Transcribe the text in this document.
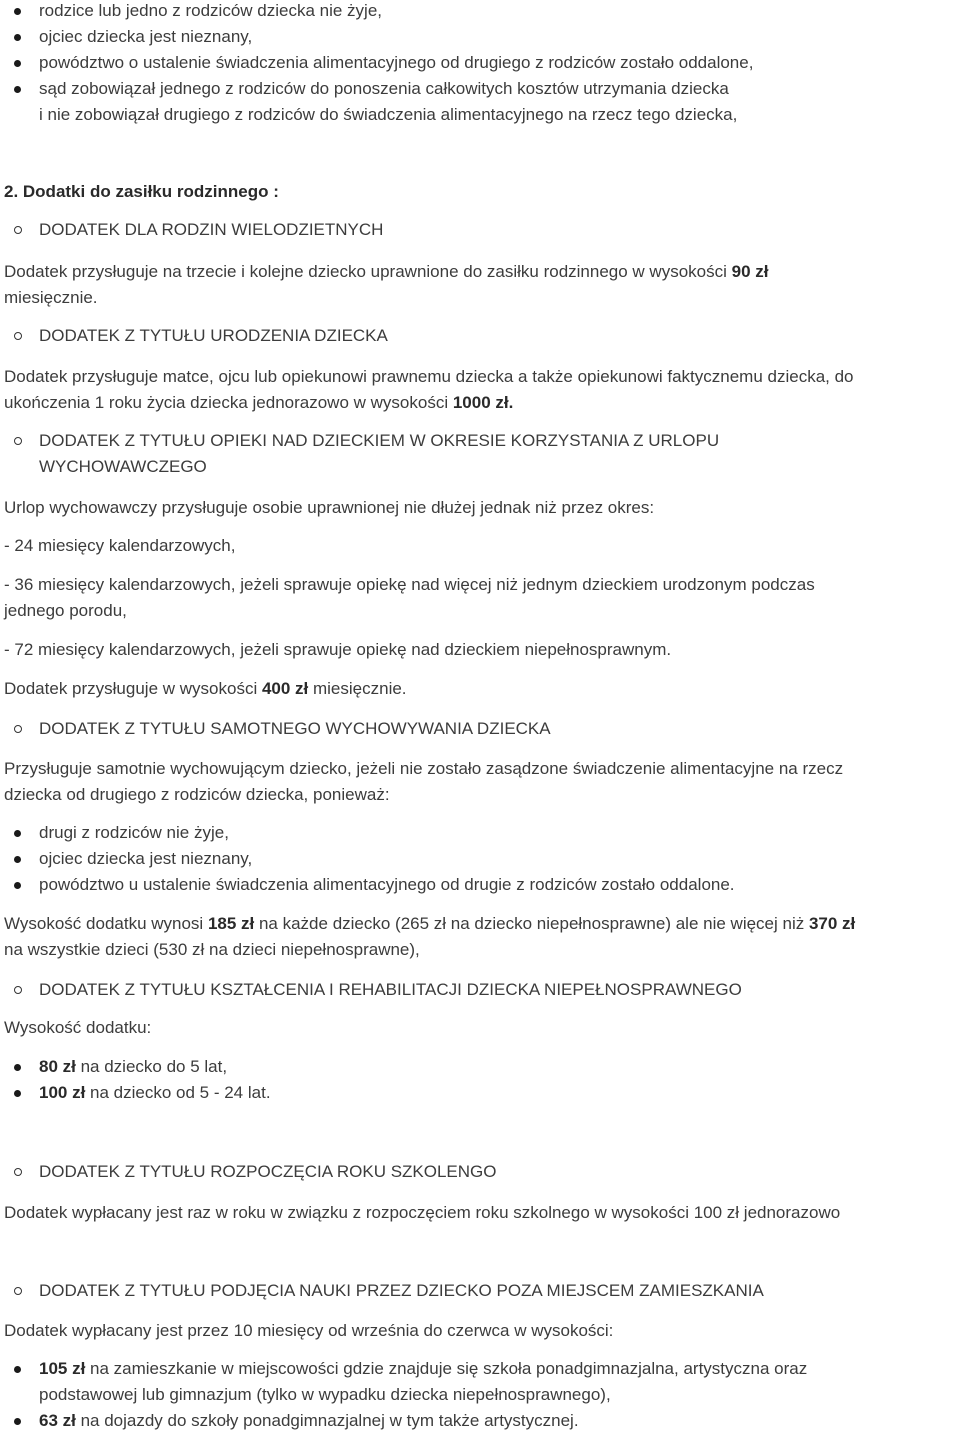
rodzice lub jedno z rodziców dziecka nie żyje,
ojciec dziecka jest nieznany,
powództwo o ustalenie świadczenia alimentacyjnego od drugiego z rodziców zostało oddalone,
sąd zobowiązał jednego z rodziców do ponoszenia całkowitych kosztów utrzymania dziecka
i nie zobowiązał drugiego z rodziców do świadczenia alimentacyjnego na rzecz tego dziecka,
2. Dodatki do zasiłku rodzinnego :
DODATEK DLA RODZIN WIELODZIETNYCH
Dodatek przysługuje na trzecie i kolejne dziecko uprawnione do zasiłku rodzinnego w wysokości 90 zł
miesięcznie.
DODATEK Z TYTUŁU URODZENIA DZIECKA
Dodatek przysługuje matce, ojcu lub opiekunowi prawnemu dziecka a także opiekunowi faktycznemu dziecka, do
ukończenia 1 roku życia dziecka jednorazowo w wysokości 1000 zł.
DODATEK Z TYTUŁU OPIEKI NAD DZIECKIEM W OKRESIE KORZYSTANIA Z URLOPU
WYCHOWAWCZEGO
Urlop wychowawczy przysługuje osobie uprawnionej nie dłużej jednak niż przez okres:
- 24 miesięcy kalendarzowych,
- 36 miesięcy kalendarzowych, jeżeli sprawuje opiekę nad więcej niż jednym dzieckiem urodzonym podczas
jednego porodu,
- 72 miesięcy kalendarzowych, jeżeli sprawuje opiekę nad dzieckiem niepełnosprawnym.
Dodatek przysługuje w wysokości 400 zł miesięcznie.
DODATEK Z TYTUŁU SAMOTNEGO WYCHOWYWANIA DZIECKA
Przysługuje samotnie wychowującym dziecko, jeżeli nie zostało zasądzone świadczenie alimentacyjne na rzecz
dziecka od drugiego z rodziców dziecka, ponieważ:
drugi z rodziców nie żyje,
ojciec dziecka jest nieznany,
powództwo u ustalenie świadczenia alimentacyjnego od drugie z rodziców zostało oddalone.
Wysokość dodatku wynosi 185 zł na każde dziecko (265 zł na dziecko niepełnosprawne) ale nie więcej niż 370 zł
na wszystkie dzieci (530 zł na dzieci niepełnosprawne),
DODATEK Z TYTUŁU KSZTAŁCENIA I REHABILITACJI DZIECKA NIEPEŁNOSPRAWNEGO
Wysokość dodatku:
80 zł na dziecko do 5 lat,
100 zł na dziecko od 5 - 24 lat.
DODATEK Z TYTUŁU ROZPOCZĘCIA ROKU SZKOLENGO
Dodatek wypłacany jest raz w roku w związku z rozpoczęciem roku szkolnego w wysokości 100 zł jednorazowo
DODATEK Z TYTUŁU PODJĘCIA NAUKI PRZEZ DZIECKO POZA MIEJSCEM ZAMIESZKANIA
Dodatek wypłacany jest przez 10 miesięcy od września do czerwca w wysokości:
105 zł na zamieszkanie w miejscowości gdzie znajduje się szkoła ponadgimnazjalna, artystyczna oraz
podstawowej lub gimnazjum (tylko w wypadku dziecka niepełnosprawnego),
63 zł na dojazdy do szkoły ponadgimnazjalnej w tym także artystycznej.
